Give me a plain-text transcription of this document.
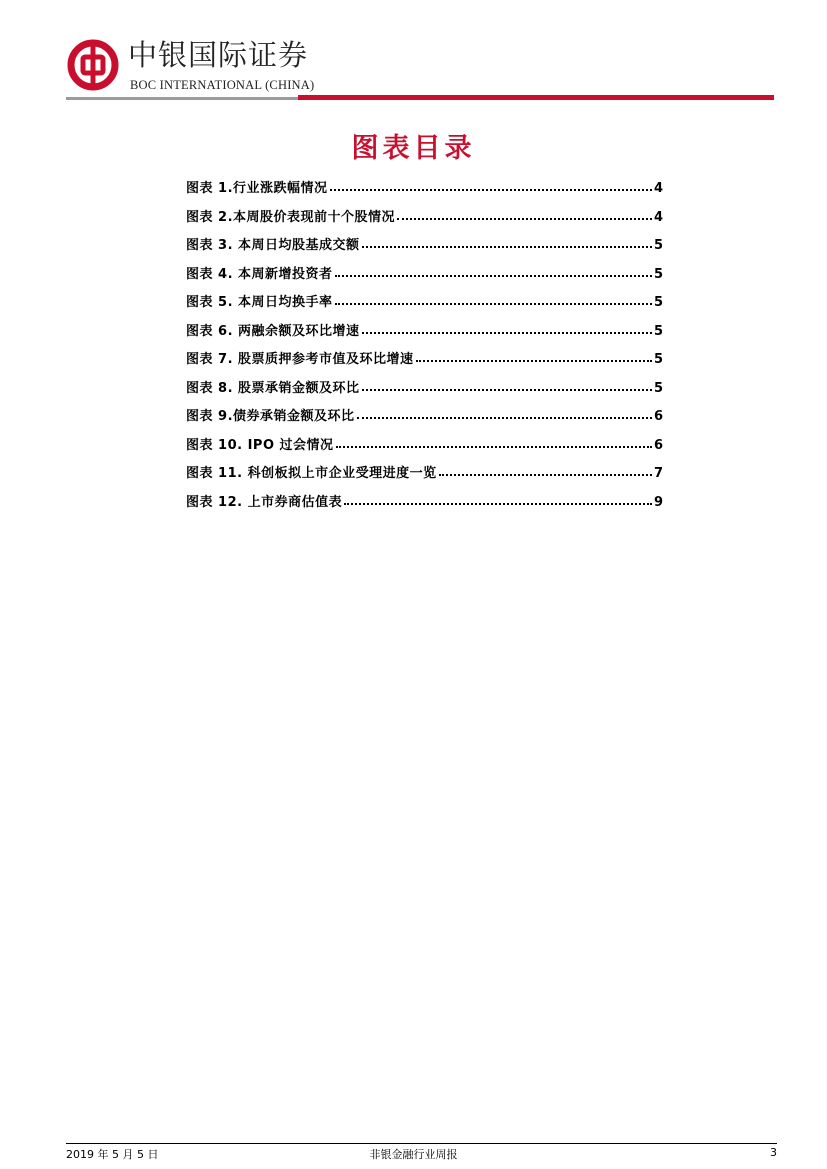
中银国际证券
BOC INTERNATIONAL (CHINA)
图表目录
图表 1.行业涨跌幅情况	4
图表 2.本周股价表现前十个股情况	4
图表 3. 本周日均股基成交额	5
图表 4. 本周新增投资者	5
图表 5. 本周日均换手率	5
图表 6. 两融余额及环比增速	5
图表 7. 股票质押参考市值及环比增速	5
图表 8. 股票承销金额及环比	5
图表 9.债券承销金额及环比	6
图表 10. IPO 过会情况	6
图表 11. 科创板拟上市企业受理进度一览	7
图表 12. 上市券商估值表	9
2019 年 5 月 5 日	非银金融行业周报	3
